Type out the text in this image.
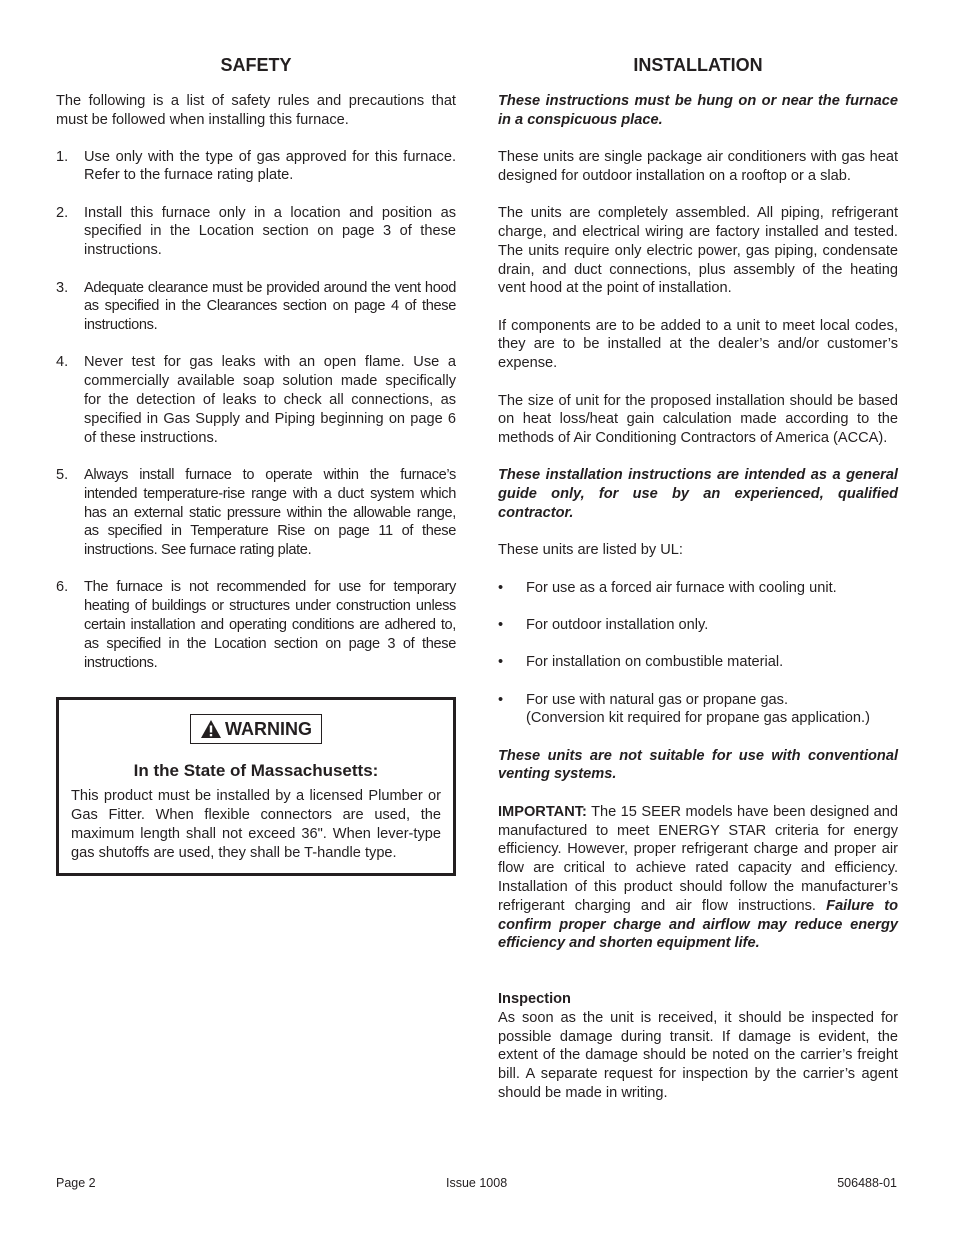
SAFETY

The following is a list of safety rules and precautions that must be followed when installing this furnace.

1. Use only with the type of gas approved for this furnace. Refer to the furnace rating plate.

2. Install this furnace only in a location and position as specified in the Location section on page 3 of these instructions.

3. Adequate clearance must be provided around the vent hood as specified in the Clearances section on page 4 of these instructions.

4. Never test for gas leaks with an open flame. Use a commercially available soap solution made specifically for the detection of leaks to check all connections, as specified in Gas Supply and Piping beginning on page 6 of these instructions.

5. Always install furnace to operate within the furnace’s intended temperature-rise range with a duct system which has an external static pressure within the allowable range, as specified in Temperature Rise on page 11 of these instructions. See furnace rating plate.

6. The furnace is not recommended for use for temporary heating of buildings or structures under construction unless certain installation and operating conditions are adhered to, as specified in the Location section on page 3 of these instructions.

WARNING
In the State of Massachusetts:

This product must be installed by a licensed Plumber or Gas Fitter. When flexible connectors are used, the maximum length shall not exceed 36". When lever-type gas shutoffs are used, they shall be T-handle type.

INSTALLATION

These instructions must be hung on or near the furnace in a conspicuous place.

These units are single package air conditioners with gas heat designed for outdoor installation on a rooftop or a slab.

The units are completely assembled. All piping, refrigerant charge, and electrical wiring are factory installed and tested. The units require only electric power, gas piping, condensate drain, and duct connections, plus assembly of the heating vent hood at the point of installation.

If components are to be added to a unit to meet local codes, they are to be installed at the dealer’s and/or customer’s expense.

The size of unit for the proposed installation should be based on heat loss/heat gain calculation made according to the methods of Air Conditioning Contractors of America (ACCA).

These installation instructions are intended as a general guide only, for use by an experienced, qualified contractor.

These units are listed by UL:

• For use as a forced air furnace with cooling unit.

• For outdoor installation only.

• For installation on combustible material.

• For use with natural gas or propane gas.

(Conversion kit required for propane gas application.)

These units are not suitable for use with conventional venting systems.

IMPORTANT: The 15 SEER models have been designed and manufactured to meet ENERGY STAR criteria for energy efficiency. However, proper refrigerant charge and proper air flow are critical to achieve rated capacity and efficiency. Installation of this product should follow the manufacturer’s refrigerant charging and air flow instructions. Failure to confirm proper charge and airflow may reduce energy efficiency and shorten equipment life.

Inspection

As soon as the unit is received, it should be inspected for possible damage during transit. If damage is evident, the extent of the damage should be noted on the carrier’s freight bill. A separate request for inspection by the carrier’s agent should be made in writing.

Page 2	Issue 1008	506488-01
